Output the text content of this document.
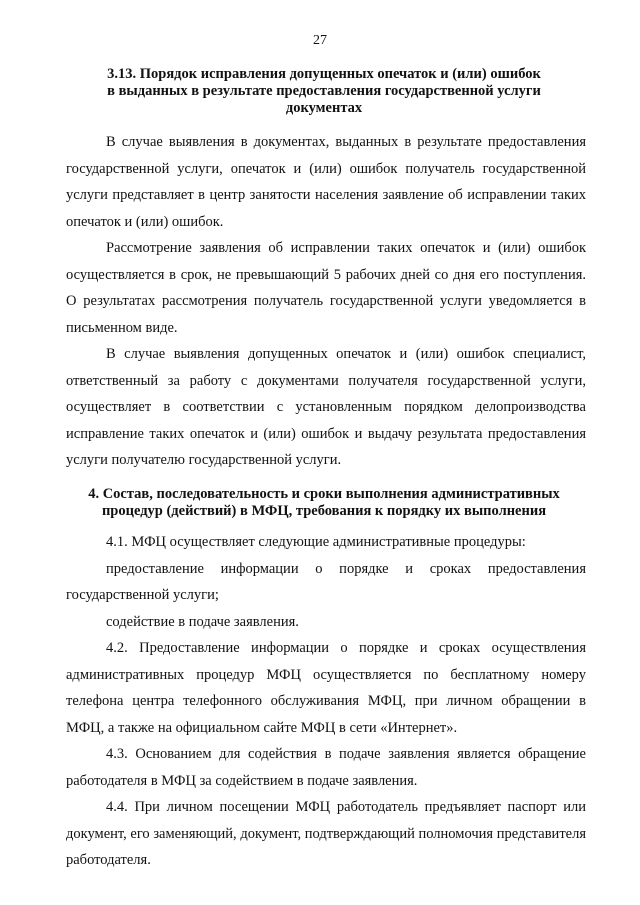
27
3.13. Порядок исправления допущенных опечаток и (или) ошибок
в выданных в результате предоставления государственной услуги
документах

В случае выявления в документах, выданных в результате предоставления государственной услуги, опечаток и (или) ошибок получатель государственной услуги представляет в центр занятости населения заявление об исправлении таких опечаток и (или) ошибок.

Рассмотрение заявления об исправлении таких опечаток и (или) ошибок осуществляется в срок, не превышающий 5 рабочих дней со дня его поступления. О результатах рассмотрения получатель государственной услуги уведомляется в письменном виде.

В случае выявления допущенных опечаток и (или) ошибок специалист, ответственный за работу с документами получателя государственной услуги, осуществляет в соответствии с установленным порядком делопроизводства исправление таких опечаток и (или) ошибок и выдачу результата предоставления услуги получателю государственной услуги.

4. Состав, последовательность и сроки выполнения административных
процедур (действий) в МФЦ, требования к порядку их выполнения

4.1. МФЦ осуществляет следующие административные процедуры:

предоставление информации о порядке и сроках предоставления государственной услуги;

содействие в подаче заявления.

4.2. Предоставление информации о порядке и сроках осуществления административных процедур МФЦ осуществляется по бесплатному номеру телефона центра телефонного обслуживания МФЦ, при личном обращении в МФЦ, а также на официальном сайте МФЦ в сети «Интернет».

4.3. Основанием для содействия в подаче заявления является обращение работодателя в МФЦ за содействием в подаче заявления.

4.4. При личном посещении МФЦ работодатель предъявляет паспорт или документ, его заменяющий, документ, подтверждающий полномочия представителя работодателя.
